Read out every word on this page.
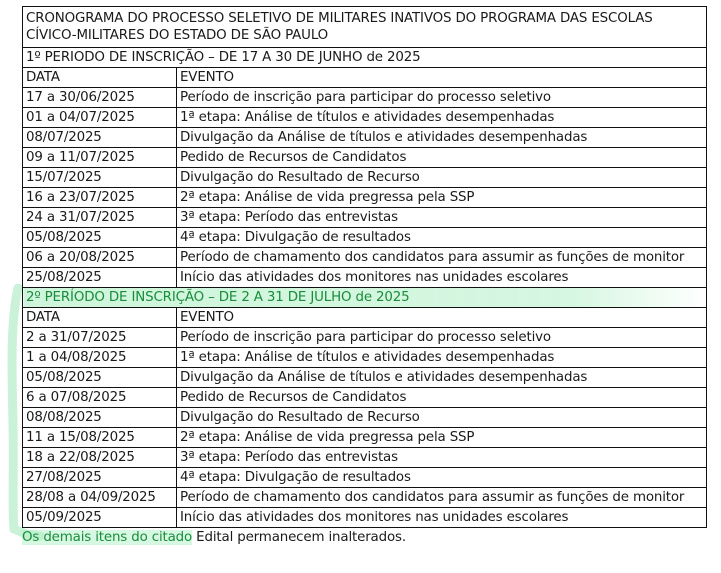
CRONOGRAMA DO PROCESSO SELETIVO DE MILITARES INATIVOS DO PROGRAMA DAS ESCOLAS CÍVICO-MILITARES DO ESTADO DE SÃO PAULO	
1º PERIODO DE INSCRIÇÃO – DE 17 A 30 DE JUNHO de 2025	
DATA	EVENTO
17 a 30/06/2025	Período de inscrição para participar do processo seletivo
01 a 04/07/2025	1ª etapa: Análise de títulos e atividades desempenhadas
08/07/2025	Divulgação da Análise de títulos e atividades desempenhadas
09 a 11/07/2025	Pedido de Recursos de Candidatos
15/07/2025	Divulgação do Resultado de Recurso
16 a 23/07/2025	2ª etapa: Análise de vida pregressa pela SSP
24 a 31/07/2025	3ª etapa: Período das entrevistas
05/08/2025	4ª etapa: Divulgação de resultados
06 a 20/08/2025	Período de chamamento dos candidatos para assumir as funções de monitor
25/08/2025	Início das atividades dos monitores nas unidades escolares
2º PERÍODO DE INSCRIÇÃO – DE 2 A 31 DE JULHO de 2025	
DATA	EVENTO
2 a 31/07/2025	Período de inscrição para participar do processo seletivo
1 a 04/08/2025	1ª etapa: Análise de títulos e atividades desempenhadas
05/08/2025	Divulgação da Análise de títulos e atividades desempenhadas
6 a 07/08/2025	Pedido de Recursos de Candidatos
08/08/2025	Divulgação do Resultado de Recurso
11 a 15/08/2025	2ª etapa: Análise de vida pregressa pela SSP
18 a 22/08/2025	3ª etapa: Período das entrevistas
27/08/2025	4ª etapa: Divulgação de resultados
28/08 a 04/09/2025	Período de chamamento dos candidatos para assumir as funções de monitor
05/09/2025	Início das atividades dos monitores nas unidades escolares
Os demais itens do citado Edital permanecem inalterados.
